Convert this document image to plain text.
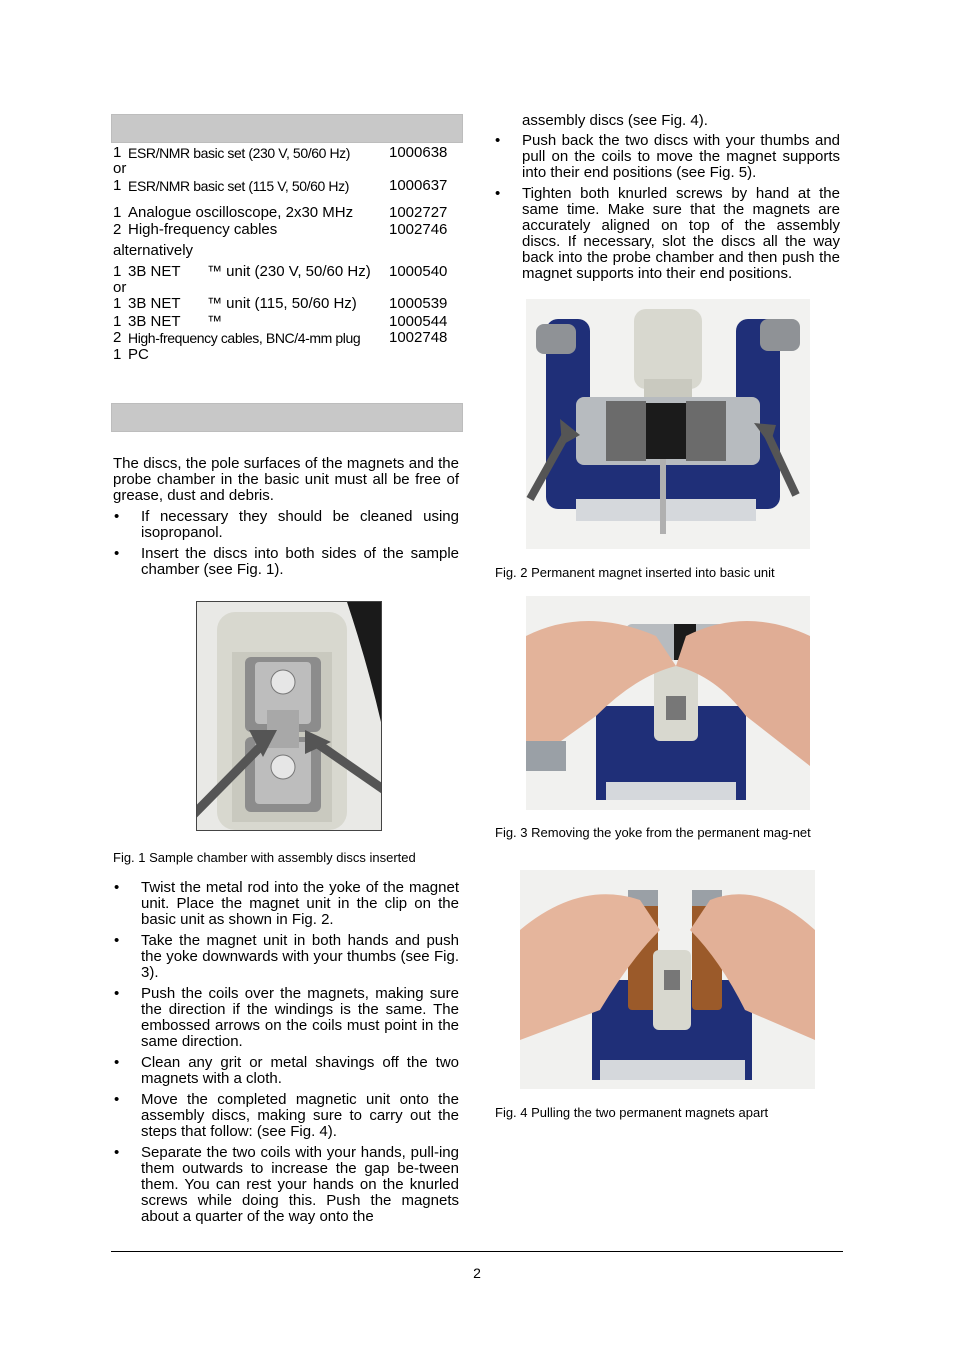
1 ESR/NMR basic set (230 V, 50/60 Hz)	1000638
or
1 ESR/NMR basic set (115 V, 50/60 Hz)	1000637
1 Analogue oscilloscope, 2x30 MHz 1002727
2 High-frequency cables	1002746
alternatively
1 3B NET ™ unit (230 V, 50/60 Hz) 1000540
or
1 3B NET ™ unit (115, 50/60 Hz) 1000539
1 3B NET ™	1000544
2 High-frequency cables, BNC/4-mm plug 1002748
1 PC
The discs, the pole surfaces of the magnets and the probe chamber in the basic unit must all be free of grease, dust and debris.
• If necessary they should be cleaned using isopropanol.
• Insert the discs into both sides of the sample chamber (see Fig. 1).
Fig. 1 Sample chamber with assembly discs inserted
• Twist the metal rod into the yoke of the magnet unit. Place the magnet unit in the clip on the basic unit as shown in Fig. 2.
• Take the magnet unit in both hands and push the yoke downwards with your thumbs (see Fig. 3).
• Push the coils over the magnets, making sure the direction if the windings is the same. The embossed arrows on the coils must point in the same direction.
• Clean any grit or metal shavings off the two magnets with a cloth.
• Move the completed magnetic unit onto the assembly discs, making sure to carry out the steps that follow: (see Fig. 4).
• Separate the two coils with your hands, pull-ing them outwards to increase the gap be-tween them. You can rest your hands on the knurled screws while doing this. Push the magnets about a quarter of the way onto the
assembly discs (see Fig. 4).
• Push back the two discs with your thumbs and pull on the coils to move the magnet supports into their end positions (see Fig. 5).
• Tighten both knurled screws by hand at the same time. Make sure that the magnets are accurately aligned on top of the assembly discs. If necessary, slot the discs all the way back into the probe chamber and then push the magnet supports into their end positions.
Fig. 2 Permanent magnet inserted into basic unit
Fig. 3 Removing the yoke from the permanent mag-net
Fig. 4 Pulling the two permanent magnets apart
2
